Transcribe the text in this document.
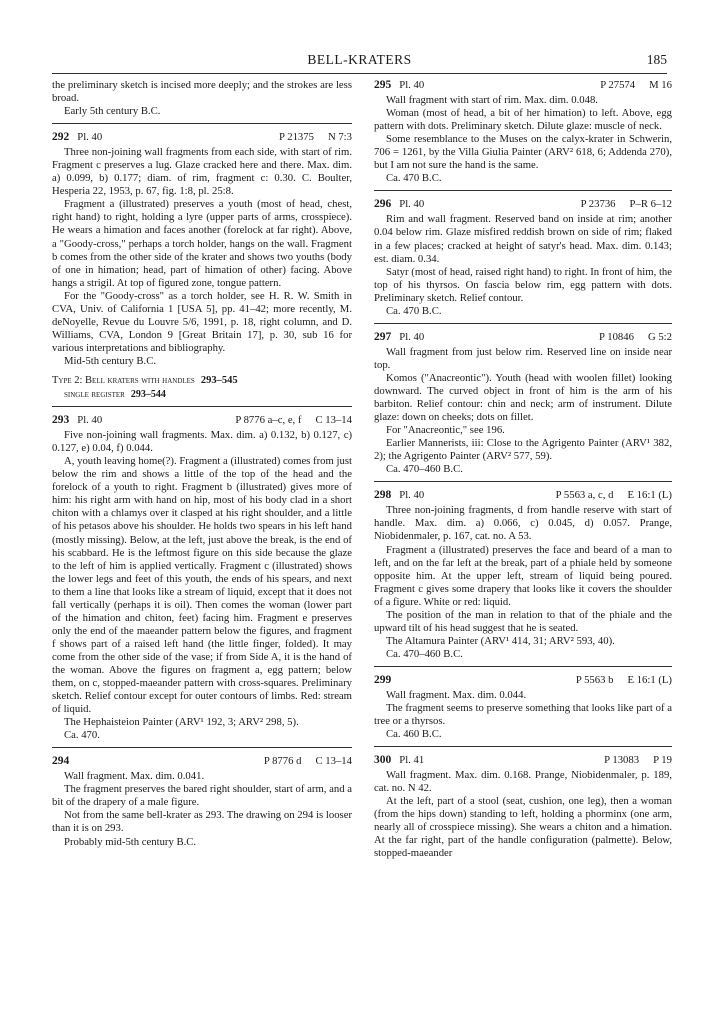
BELL-KRATERS	185

the preliminary sketch is incised more deeply; and the strokes are less broad.

Early 5th century B.C.

292 Pl. 40	P 21375 N 7:3

Three non-joining wall fragments from each side, with start of rim. Fragment c preserves a lug. Glaze cracked here and there. Max. dim. a) 0.099, b) 0.177; diam. of rim, fragment c: 0.30. C. Boulter, Hesperia 22, 1953, p. 67, fig. 1:8, pl. 25:8.

Fragment a (illustrated) preserves a youth (most of head, chest, right hand) to right, holding a lyre (upper parts of arms, crosspiece). He wears a himation and faces another (forelock at far right). Above, a "Goody-cross," perhaps a torch holder, hangs on the wall. Fragment b comes from the other side of the krater and shows two youths (body of one in himation; head, part of himation of other) facing. Above hangs a strigil. At top of figured zone, tongue pattern.

For the "Goody-cross" as a torch holder, see H. R. W. Smith in CVA, Univ. of California 1 [USA 5], pp. 41–42; more recently, M. deNoyelle, Revue du Louvre 5/6, 1991, p. 18, right column, and D. Williams, CVA, London 9 [Great Britain 17], p. 30, sub 16 for various interpretations and bibliography.

Mid-5th century B.C.

Type 2: Bell kraters with handles 293–545
single register 293–544
293 Pl. 40	P 8776 a–c, e, f C 13–14

Five non-joining wall fragments. Max. dim. a) 0.132, b) 0.127, c) 0.127, e) 0.04, f) 0.044.

A, youth leaving home(?). Fragment a (illustrated) comes from just below the rim and shows a little of the top of the head and the forelock of a youth to right. Fragment b (illustrated) gives more of him: his right arm with hand on hip, most of his body clad in a short chiton with a chlamys over it clasped at his right shoulder, and a little of his petasos above his shoulder. He holds two spears in his left hand (mostly missing). Below, at the left, just above the break, is the end of his scabbard. He is the leftmost figure on this side because the glaze to the left of him is applied vertically. Fragment c (illustrated) shows the lower legs and feet of this youth, the ends of his spears, and next to them a line that looks like a stream of liquid, except that it does not fall vertically (perhaps it is oil). Then comes the woman (lower part of the himation and chiton, feet) facing him. Fragment e preserves only the end of the maeander pattern below the figures, and fragment f shows part of a raised left hand (the little finger, folded). It may come from the other side of the vase; if from Side A, it is the hand of the woman. Above the figures on fragment a, egg pattern; below them, on c, stopped-maeander pattern with cross-squares. Preliminary sketch. Relief contour except for outer contours of limbs. Red: stream of liquid.

The Hephaisteion Painter (ARV¹ 192, 3; ARV² 298, 5).

Ca. 470.

294	P 8776 d C 13–14

Wall fragment. Max. dim. 0.041.

The fragment preserves the bared right shoulder, start of arm, and a bit of the drapery of a male figure.

Not from the same bell-krater as 293. The drawing on 294 is looser than it is on 293.

Probably mid-5th century B.C.

295 Pl. 40	P 27574 M 16

Wall fragment with start of rim. Max. dim. 0.048.

Woman (most of head, a bit of her himation) to left. Above, egg pattern with dots. Preliminary sketch. Dilute glaze: muscle of neck.

Some resemblance to the Muses on the calyx-krater in Schwerin, 706 = 1261, by the Villa Giulia Painter (ARV² 618, 6; Addenda 270), but I am not sure the hand is the same.

Ca. 470 B.C.

296 Pl. 40	P 23736 P–R 6–12

Rim and wall fragment. Reserved band on inside at rim; another 0.04 below rim. Glaze misfired reddish brown on side of rim; flaked in a few places; cracked at height of satyr's head. Max. dim. 0.143; est. diam. 0.34.

Satyr (most of head, raised right hand) to right. In front of him, the top of his thyrsos. On fascia below rim, egg pattern with dots. Preliminary sketch. Relief contour.

Ca. 470 B.C.

297 Pl. 40	P 10846 G 5:2

Wall fragment from just below rim. Reserved line on inside near top.

Komos ("Anacreontic"). Youth (head with woolen fillet) looking downward. The curved object in front of him is the arm of his barbiton. Relief contour: chin and neck; arm of instrument. Dilute glaze: down on cheeks; dots on fillet.

For "Anacreontic," see 196.

Earlier Mannerists, iii: Close to the Agrigento Painter (ARV¹ 382, 2); the Agrigento Painter (ARV² 577, 59).

Ca. 470–460 B.C.

298 Pl. 40	P 5563 a, c, d E 16:1 (L)

Three non-joining fragments, d from handle reserve with start of handle. Max. dim. a) 0.066, c) 0.045, d) 0.057. Prange, Niobidenmaler, p. 167, cat. no. A 53.

Fragment a (illustrated) preserves the face and beard of a man to left, and on the far left at the break, part of a phiale held by someone opposite him. At the upper left, stream of liquid being poured. Fragment c gives some drapery that looks like it covers the shoulder of a figure. White or red: liquid.

The position of the man in relation to that of the phiale and the upward tilt of his head suggest that he is seated.

The Altamura Painter (ARV¹ 414, 31; ARV² 593, 40).

Ca. 470–460 B.C.

299	P 5563 b E 16:1 (L)

Wall fragment. Max. dim. 0.044.

The fragment seems to preserve something that looks like part of a tree or a thyrsos.

Ca. 460 B.C.

300 Pl. 41	P 13083 P 19

Wall fragment. Max. dim. 0.168. Prange, Niobidenmaler, p. 189, cat. no. N 42.

At the left, part of a stool (seat, cushion, one leg), then a woman (from the hips down) standing to left, holding a phorminx (one arm, nearly all of crosspiece missing). She wears a chiton and a himation. At the far right, part of the handle configuration (palmette). Below, stopped-maeander
